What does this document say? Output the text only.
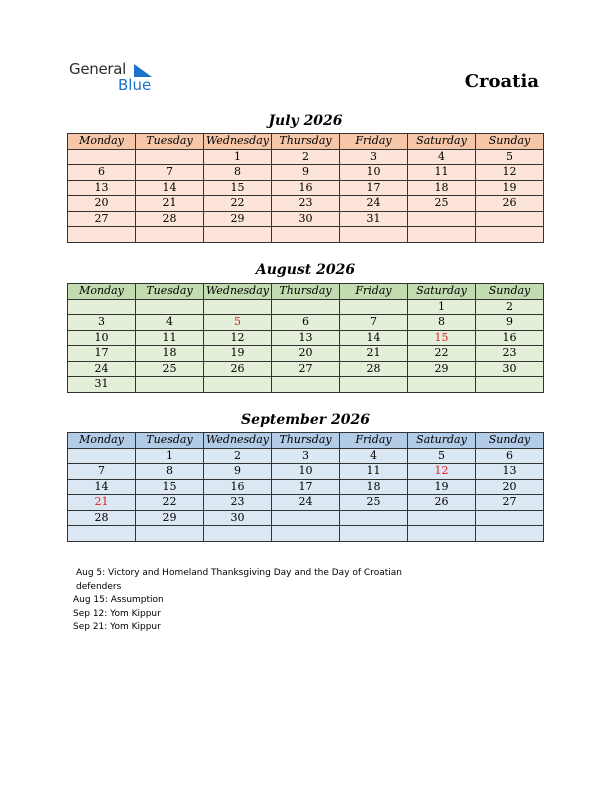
General
Blue	Croatia
July 2026
Monday	Tuesday	Wednesday	Thursday	Friday	Saturday	Sunday
		1	2	3	4	5
6	7	8	9	10	11	12
13	14	15	16	17	18	19
20	21	22	23	24	25	26
27	28	29	30	31		

August 2026
Monday	Tuesday	Wednesday	Thursday	Friday	Saturday	Sunday
					1	2
3	4	5	6	7	8	9
10	11	12	13	14	15	16
17	18	19	20	21	22	23
24	25	26	27	28	29	30
31						
September 2026
Monday	Tuesday	Wednesday	Thursday	Friday	Saturday	Sunday
	1	2	3	4	5	6
7	8	9	10	11	12	13
14	15	16	17	18	19	20
21	22	23	24	25	26	27
28	29	30				

Aug 5: Victory and Homeland Thanksgiving Day and the Day of Croatian defenders
Aug 15: Assumption
Sep 12: Yom Kippur
Sep 21: Yom Kippur
